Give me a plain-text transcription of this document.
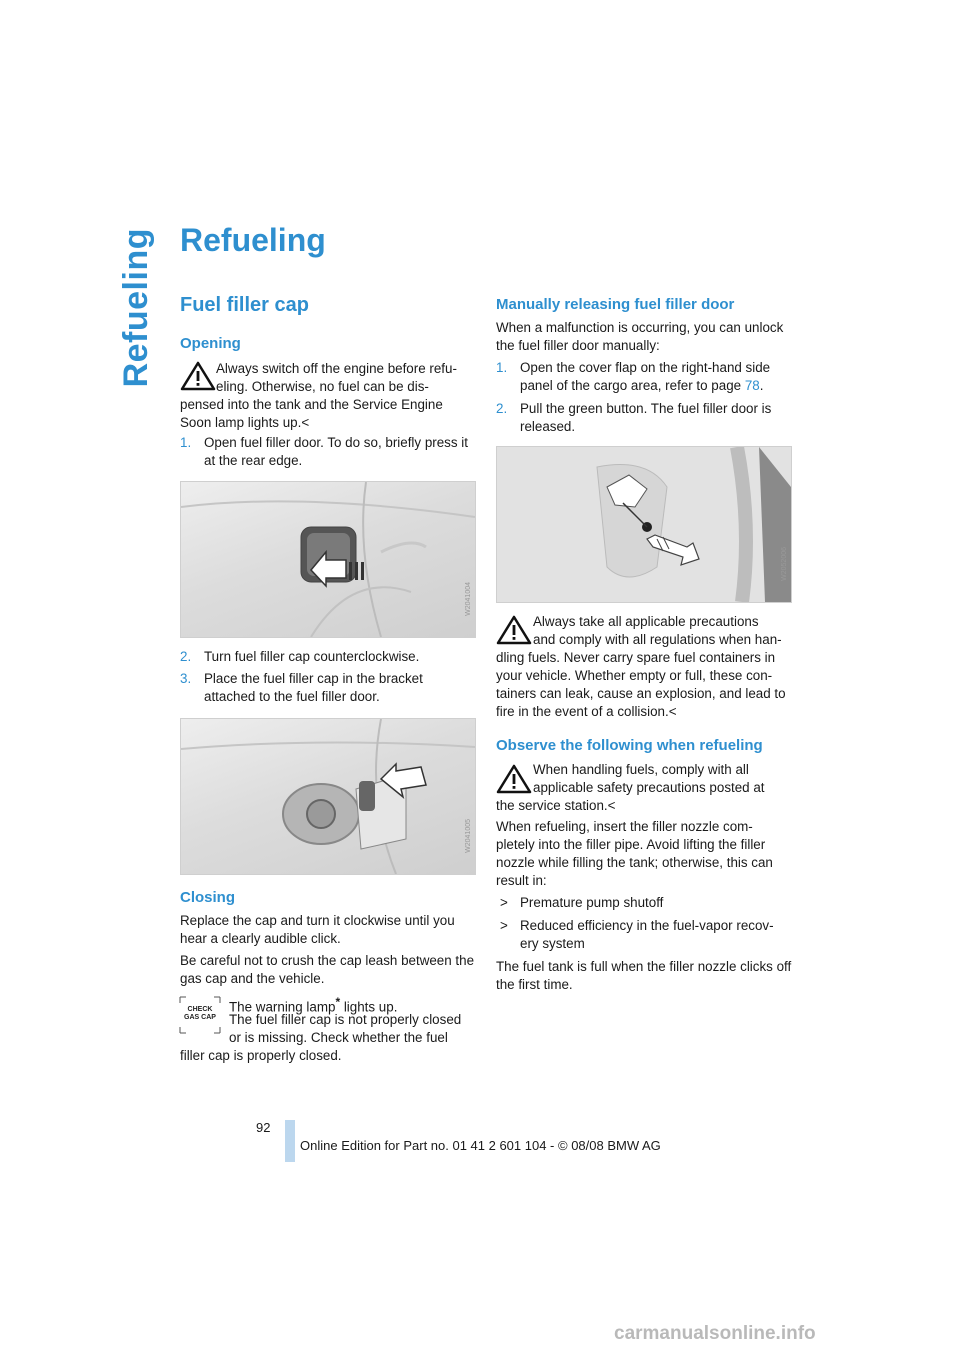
Refueling Refueling
Fuel filler cap
Opening
Always switch off the engine before refu-
eling. Otherwise, no fuel can be dis-
pensed into the tank and the Service Engine
Soon lamp lights up.<
1. Open fuel filler door. To do so, briefly press it at the rear edge.
W2041004
2. Turn fuel filler cap counterclockwise.
3. Place the fuel filler cap in the bracket attached to the fuel filler door.
W2041005
Closing
Replace the cap and turn it clockwise until you hear a clearly audible click.
Be careful not to crush the cap leash between the gas cap and the vehicle.
CHECK
GAS CAP
The warning lamp* lights up.
The fuel filler cap is not properly closed
or is missing. Check whether the fuel
filler cap is properly closed.
Manually releasing fuel filler door
When a malfunction is occurring, you can unlock the fuel filler door manually:
1. Open the cover flap on the right-hand side panel of the cargo area, refer to page 78.
2. Pull the green button. The fuel filler door is released.
W2052006
Always take all applicable precautions
and comply with all regulations when han-
dling fuels. Never carry spare fuel containers in
your vehicle. Whether empty or full, these con-
tainers can leak, cause an explosion, and lead to
fire in the event of a collision.<
Observe the following when refueling
When handling fuels, comply with all
applicable safety precautions posted at
the service station.<
When refueling, insert the filler nozzle com- pletely into the filler pipe. Avoid lifting the filler nozzle while filling the tank; otherwise, this can result in:
> Premature pump shutoff
> Reduced efficiency in the fuel-vapor recov- ery system
The fuel tank is full when the filler nozzle clicks off the first time.
92
Online Edition for Part no. 01 41 2 601 104 - © 08/08 BMW AG
carmanualsonline.info
